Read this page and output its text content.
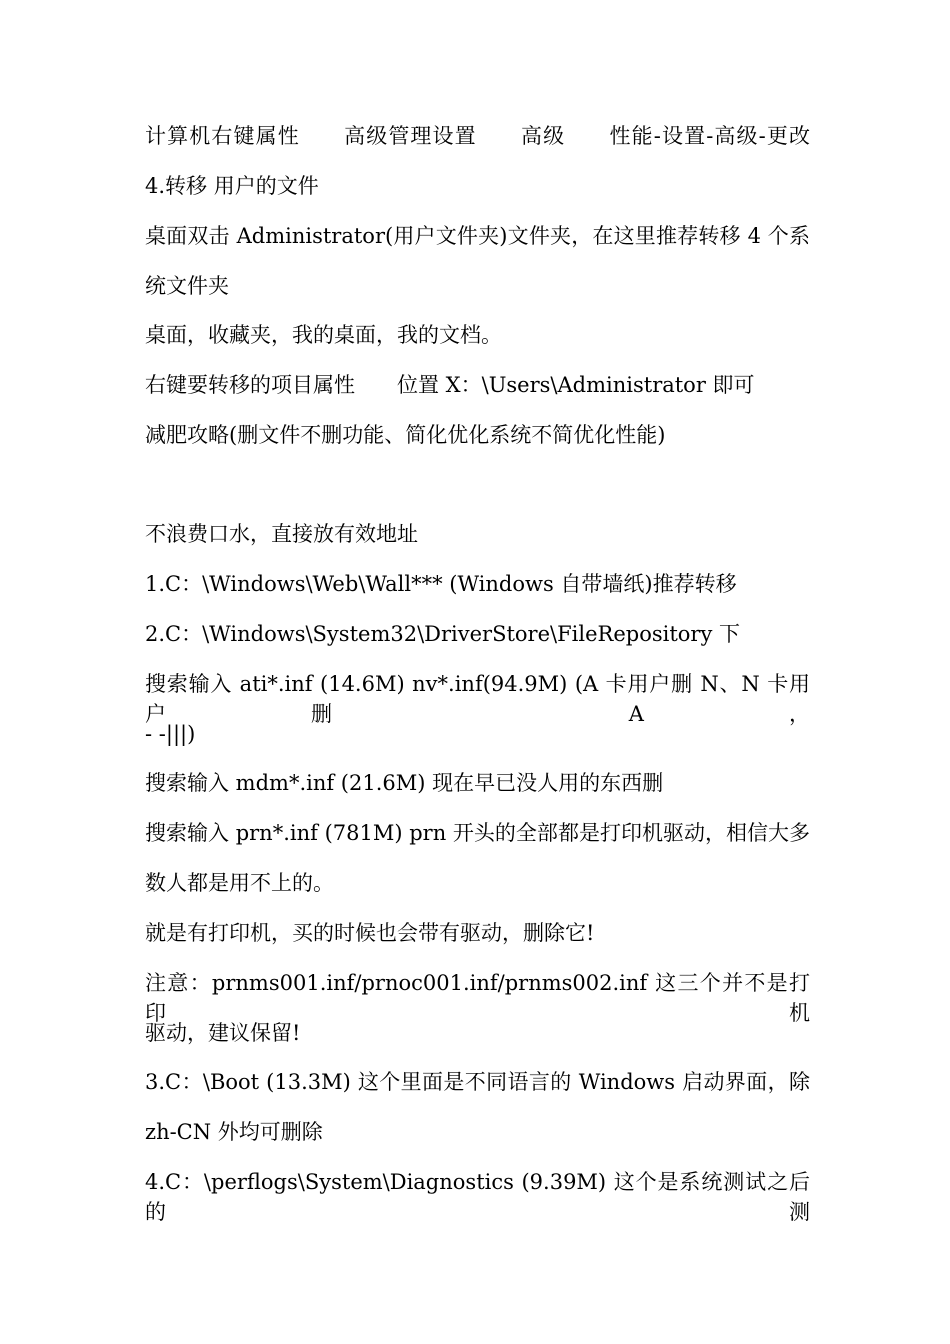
计算机右键属性　　高级管理设置　　高级　　性能-设置-高级-更改
4.转移 用户的文件
桌面双击 Administrator(用户文件夹)文件夹，在这里推荐转移 4 个系
统文件夹
桌面，收藏夹，我的桌面，我的文档。
右键要转移的项目属性　　位置 X：\Users\Administrator 即可
减肥攻略(删文件不删功能、简化优化系统不简优化性能)
不浪费口水，直接放有效地址
1.C：\Windows\Web\Wall*** (Windows 自带墙纸)推荐转移
2.C：\Windows\System32\DriverStore\FileRepository 下
搜索输入 ati*.inf (14.6M) nv*.inf(94.9M) (A 卡用户删 N、N 卡用户删 A，
- -|||)
搜索输入 mdm*.inf (21.6M) 现在早已没人用的东西删
搜索输入 prn*.inf (781M) prn 开头的全部都是打印机驱动，相信大多
数人都是用不上的。
就是有打印机，买的时候也会带有驱动，删除它!
注意：prnms001.inf/prnoc001.inf/prnms002.inf 这三个并不是打印机
驱动，建议保留!
3.C：\Boot (13.3M) 这个里面是不同语言的 Windows 启动界面，除
zh-CN 外均可删除
4.C：\perflogs\System\Diagnostics (9.39M) 这个是系统测试之后的测
